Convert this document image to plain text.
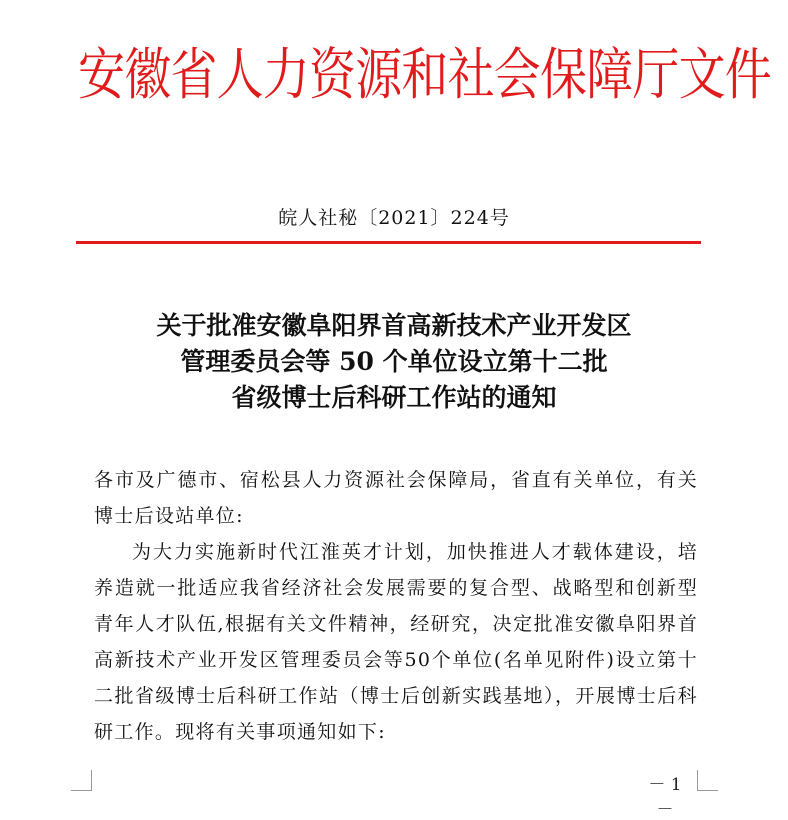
安徽省人力资源和社会保障厅文件
皖人社秘〔2021〕224号
关于批准安徽阜阳界首高新技术产业开发区
管理委员会等 50 个单位设立第十二批
省级博士后科研工作站的通知

各市及广德市、宿松县人力资源社会保障局，省直有关单位，有关博士后设站单位:

为大力实施新时代江淮英才计划，加快推进人才载体建设，培养造就一批适应我省经济社会发展需要的复合型、战略型和创新型青年人才队伍,根据有关文件精神，经研究，决定批准安徽阜阳界首高新技术产业开发区管理委员会等50个单位(名单见附件)设立第十二批省级博士后科研工作站（博士后创新实践基地），开展博士后科研工作。现将有关事项通知如下:

－ 1 －
